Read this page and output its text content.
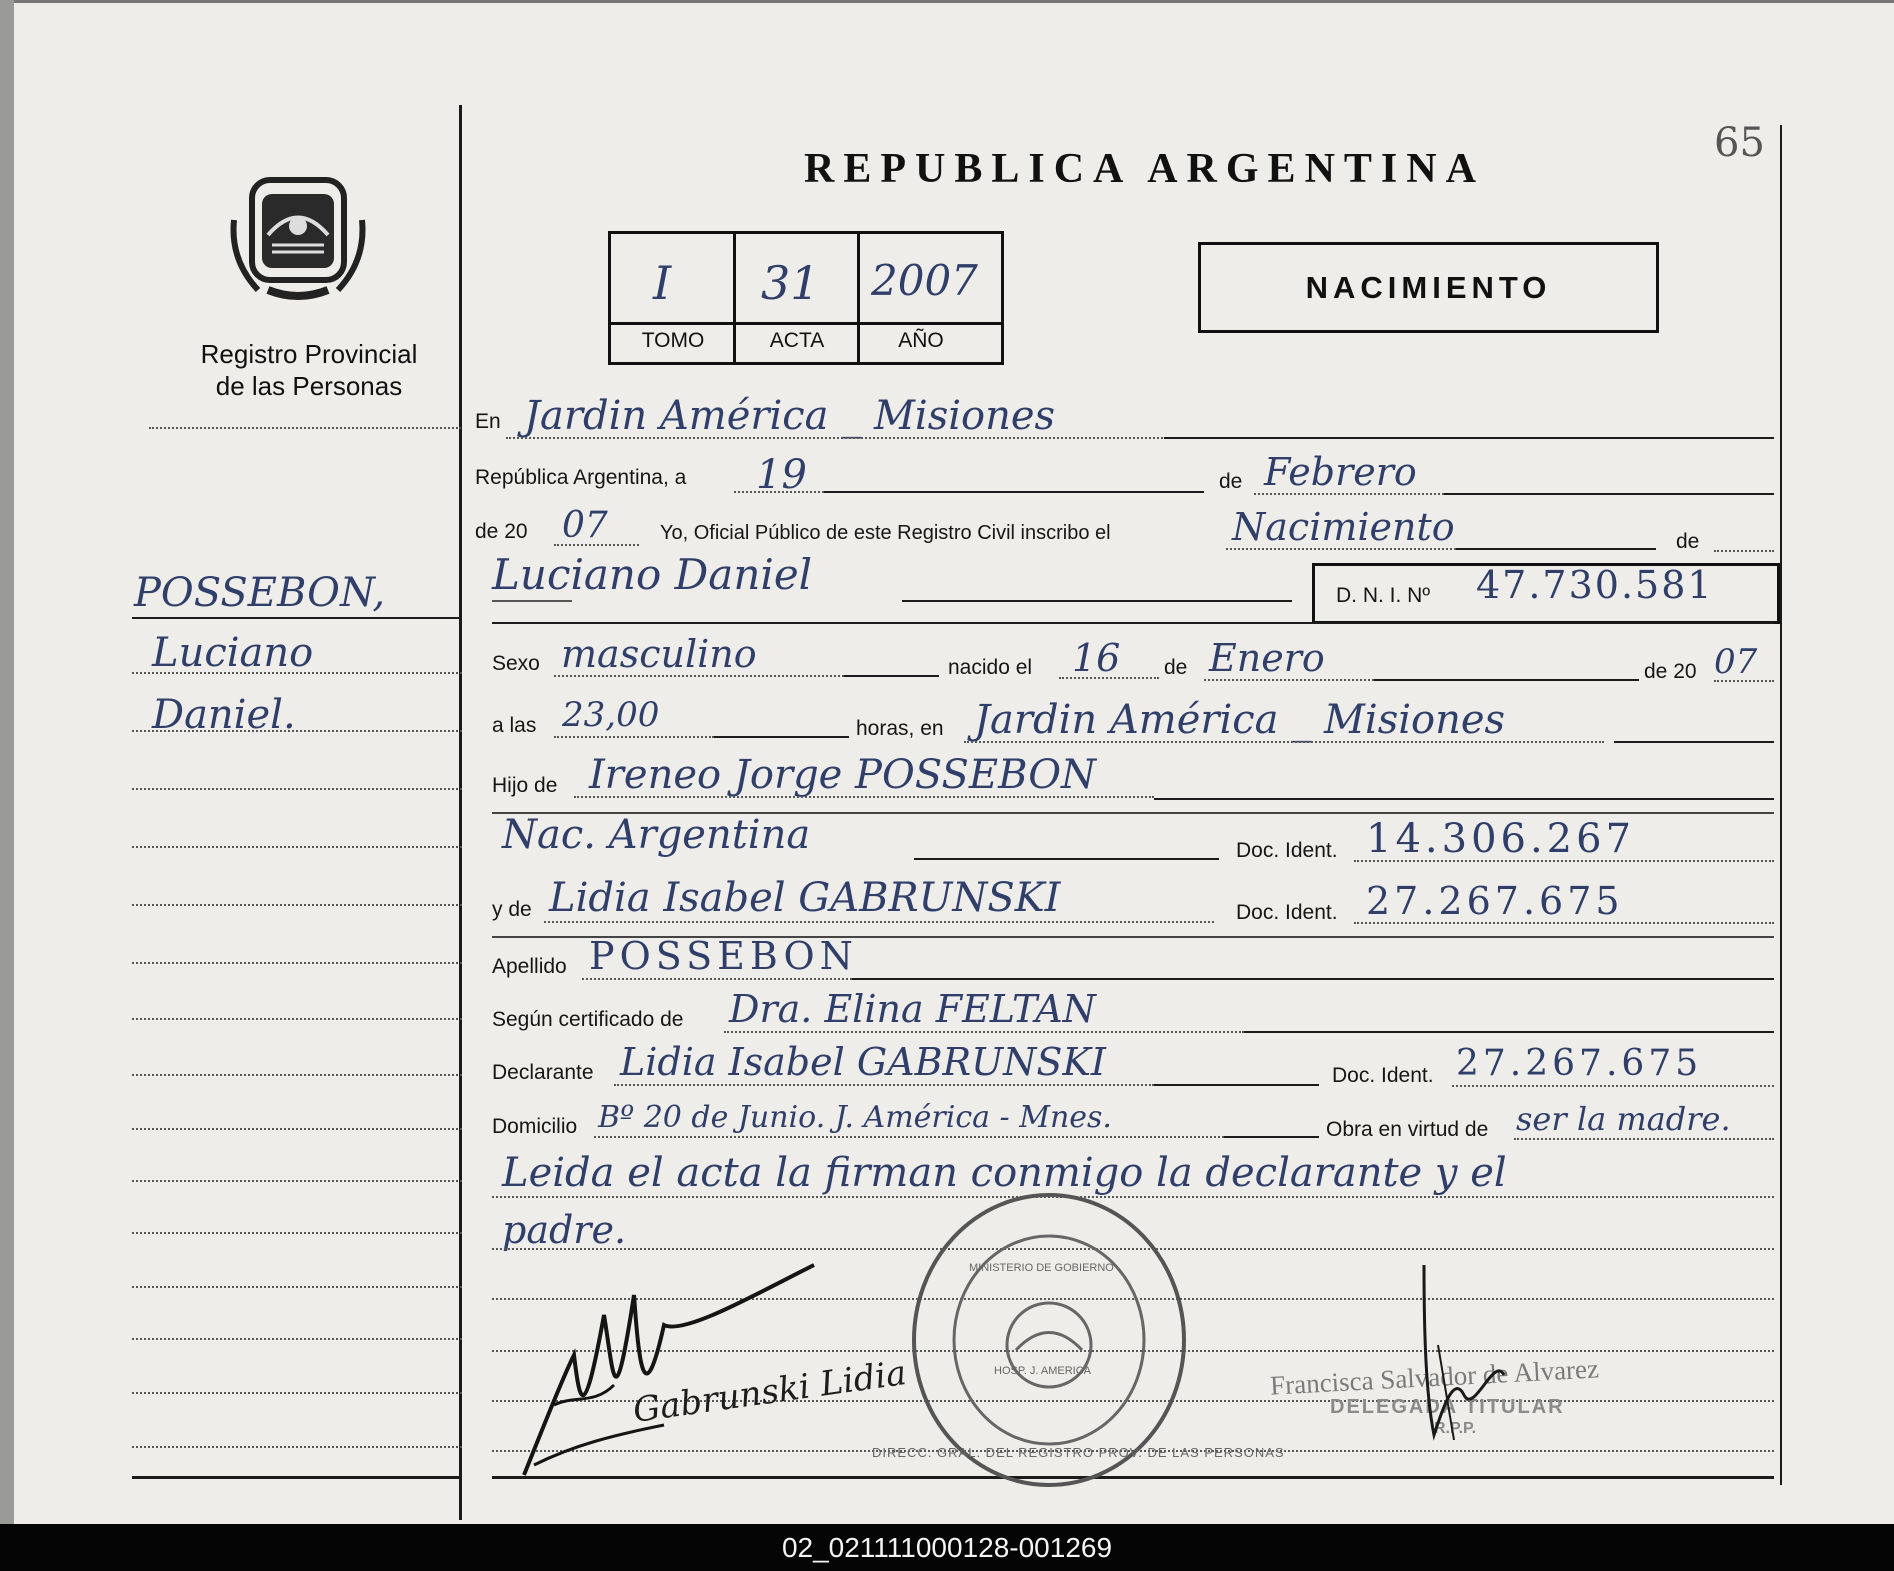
65
Registro Provincial
de las Personas
REPUBLICA ARGENTINA
I 31 2007
TOMO	ACTA	AÑO
NACIMIENTO
POSSEBON,
Luciano
Daniel.
En Jardin América _ Misiones
República Argentina, a 19	de Febrero
de 20 07	Yo, Oficial Público de este Registro Civil inscribo el	Nacimiento	de
Luciano Daniel	D. N. I. Nº 47.730.581
Sexo masculino	nacido el 16 de Enero	de 20 07
a las 23,00	horas, en Jardin América _ Misiones
Hijo de Ireneo Jorge POSSEBON
Nac. Argentina	Doc. Ident. 14.306.267
y de Lidia Isabel GABRUNSKI	Doc. Ident. 27.267.675
Apellido POSSEBON
Según certificado de Dra. Elina FELTAN
Declarante Lidia Isabel GABRUNSKI	Doc. Ident. 27.267.675
Domicilio Bº 20 de Junio. J. América - Mnes.	Obra en virtud de ser la madre.
Leida el acta la firman conmigo la declarante y el
padre.
Gabrunski Lidia
DIRECC. GRAL. DEL REGISTRO PROV. DE LAS PERSONAS
MINISTERIO DE GOBIERNO
HOSP. J. AMERICA	Francisca Salvador de Alvarez
DELEGADA TITULAR
R.P.P.
02_021111000128-001269
